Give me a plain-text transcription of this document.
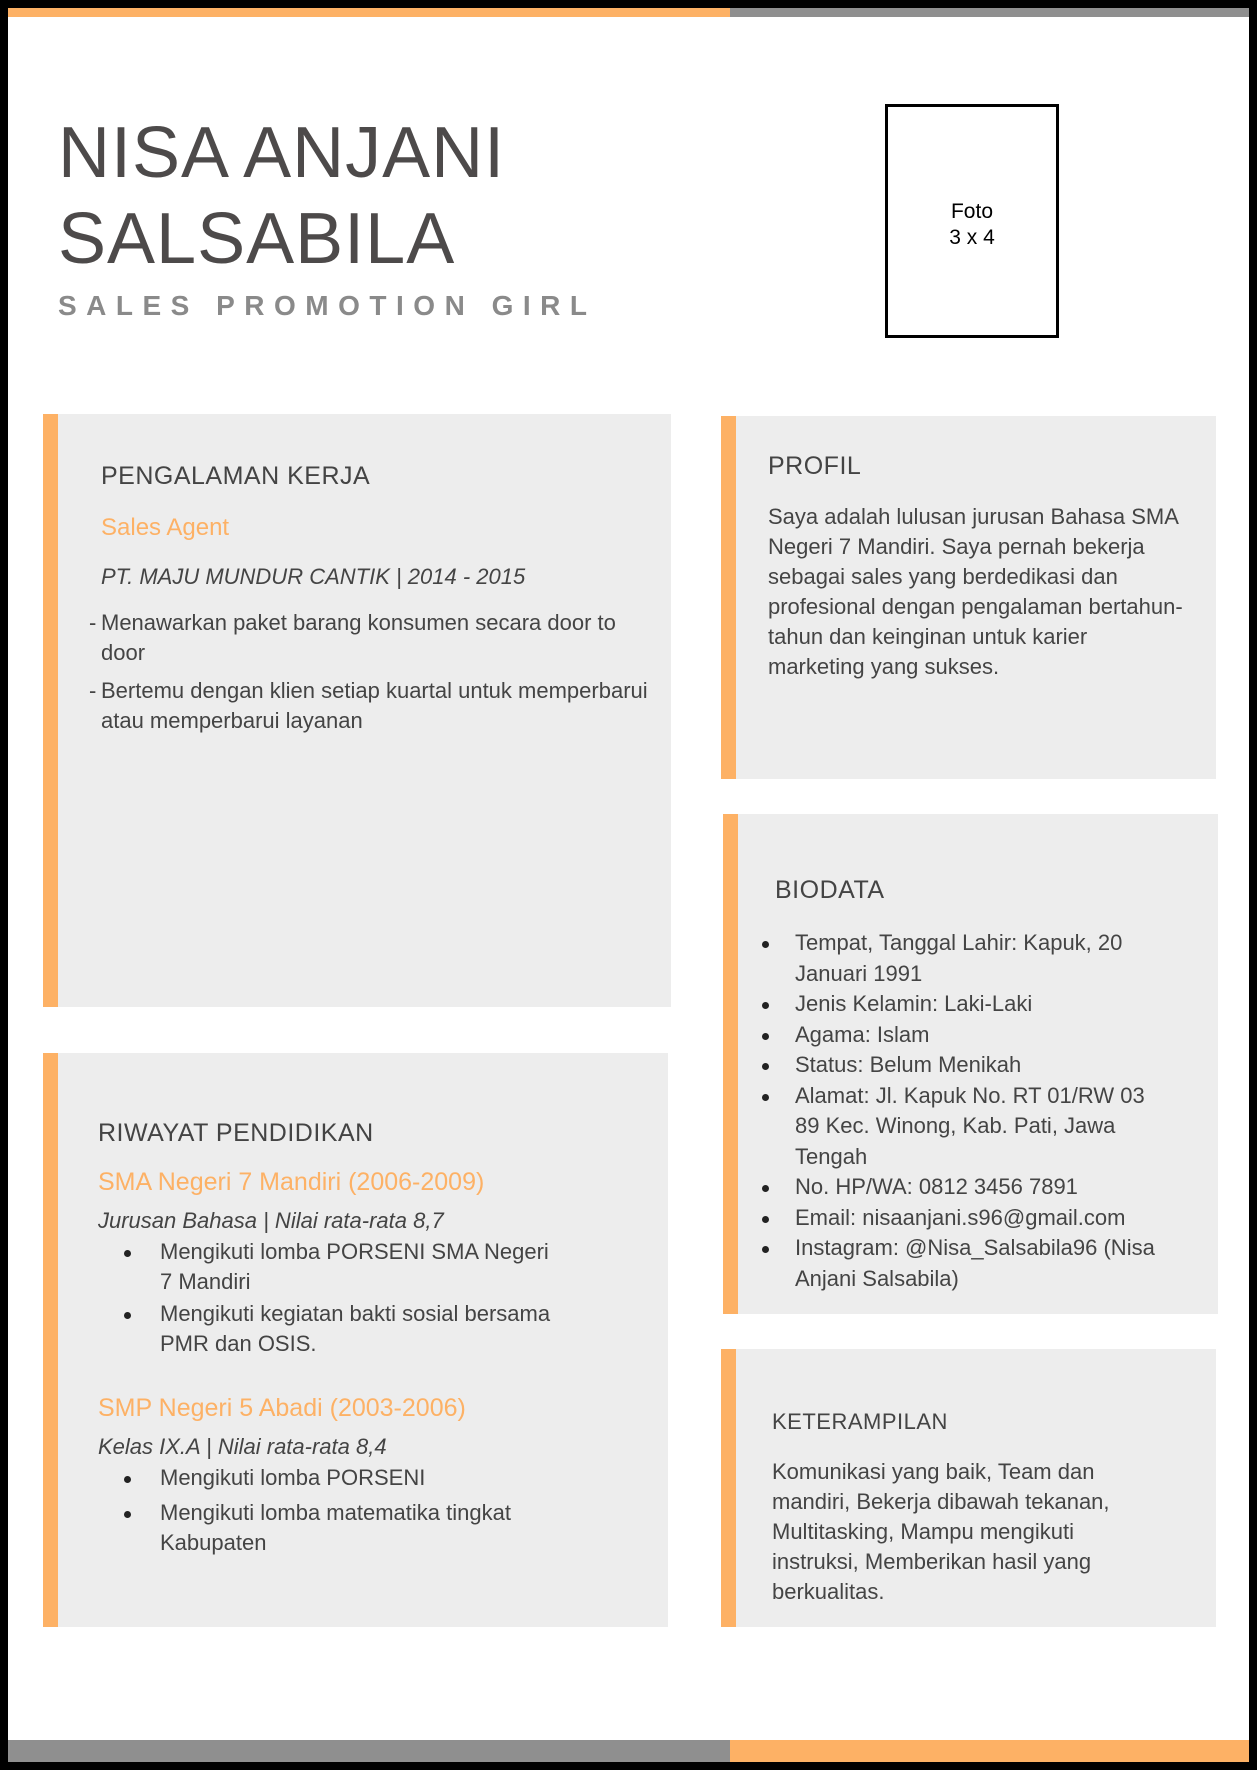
NISA ANJANI
SALSABILA
SALES PROMOTION GIRL
Foto
3 x 4
PENGALAMAN KERJA
Sales Agent
PT. MAJU MUNDUR CANTIK | 2014 - 2015
- Menawarkan paket barang konsumen secara door to door
- Bertemu dengan klien setiap kuartal untuk memperbarui atau memperbarui layanan
RIWAYAT PENDIDIKAN
SMA Negeri 7 Mandiri (2006-2009)
Jurusan Bahasa | Nilai rata-rata 8,7
Mengikuti lomba PORSENI SMA Negeri 7 Mandiri
Mengikuti kegiatan bakti sosial bersama PMR dan OSIS.
SMP Negeri 5 Abadi (2003-2006)
Kelas IX.A | Nilai rata-rata 8,4
Mengikuti lomba PORSENI
Mengikuti lomba matematika tingkat Kabupaten
PROFIL
Saya adalah lulusan jurusan Bahasa SMA Negeri 7 Mandiri. Saya pernah bekerja sebagai sales yang berdedikasi dan profesional dengan pengalaman bertahun-tahun dan keinginan untuk karier marketing yang sukses.
BIODATA
Tempat, Tanggal Lahir: Kapuk, 20 Januari 1991
Jenis Kelamin: Laki-Laki
Agama: Islam
Status: Belum Menikah
Alamat: Jl. Kapuk No. RT 01/RW 03 89 Kec. Winong, Kab. Pati, Jawa Tengah
No. HP/WA: 0812 3456 7891
Email: nisaanjani.s96@gmail.com
Instagram: @Nisa_Salsabila96 (Nisa Anjani Salsabila)
KETERAMPILAN
Komunikasi yang baik, Team dan mandiri, Bekerja dibawah tekanan, Multitasking, Mampu mengikuti instruksi, Memberikan hasil yang berkualitas.
